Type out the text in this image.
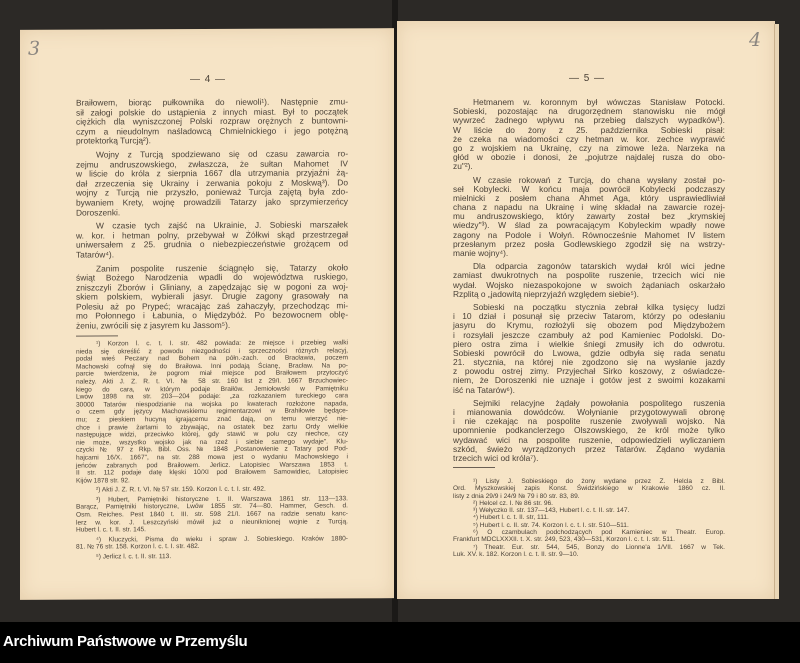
3
— 4 —
Braiłowem, biorąc pułkownika do niewoli¹). Następnie zmu-
sił załogi polskie do ustąpienia z innych miast. Był to początek
ciężkich dla wyniszczonej Polski rozpraw orężnych z buntowni-
czym a nieudolnym naśladowcą Chmielnickiego i jego potężną
protektorką Turcją²).
Wojny z Turcją spodziewano się od czasu zawarcia ro-
zejmu andruszowskiego, zwłaszcza, że sułtan Mahomet IV
w liście do króla z sierpnia 1667 dla utrzymania przyjaźni żą-
dał zrzeczenia się Ukrainy i zerwania pokoju z Moskwą³). Do
wojny z Turcją nie przyszło, ponieważ Turcja zajętą była zdo-
bywaniem Krety, wojnę prowadzili Tatarzy jako sprzymierzeńcy
Doroszenki.
W czasie tych zajść na Ukrainie, J. Sobieski marszałek
w. kor. i hetman polny, przebywał w Żółkwi skąd przestrzegał
uniwersałem z 25. grudnia o niebezpieczeństwie grożącem od
Tatarów⁴).
Zanim pospolite ruszenie ściągnęło się, Tatarzy około
świąt Bożego Narodzenia wpadli do województwa ruskiego,
zniszczyli Zborów i Gliniany, a zapędzając się w pogoni za woj-
skiem polskiem, wybierali jasyr. Drugie zagony grasowały na
Polesiu aż po Prypeć; wracając zaś zahaczyły, przechodząc mi-
mo Połonnego i Łabunia, o Międzybóż. Po bezowocnem oblę-
żeniu, zwrócili się z jasyrem ku Jassom⁵).
¹) Korzon l. c. t. I. str. 482 powiada: że miejsce i przebieg walki
nieda się określić z powodu niezgodności i sprzeczności różnych relacyj,
podał wieś Peczary nad Bohem na półn.-zach. od Bracławia, poczem
Machowski cofnął się do Braiłowa. Inni podają Ścianę, Bracław. Na po-
parcie twierdzenia, że pogrom miał miejsce pod Braiłowem przytoczyć
należy. Akti J. Z. R. t. VI. № 58 str. 160 list z 29/I. 1667 Brzuchowiec-
kiego do cara, w którym podaje Braiłów. Jemiołowski w Pamiętniku
Lwów 1898 na str. 203—204 podaje: „za rozkazaniem tureckiego cara
30000 Tatarów niespodzianie na wojska po kwaterach rozłożone napada,
o czem gdy języcy Machowskiemu regimentarzowi w Brahiłowie będące-
mu; z pieskiem hucyną igrającemu znać dają, on temu wierzyć nie-
chce i prawie żartami to zbywając, na ostatek bez żartu Ordy wielkie
następujące widzi, przeciwko której, gdy stawić w polu czy niechce, czy
nie może, wszystko wojsko jak na rzeź i siebie samego wydaje". Klu-
czycki № 97 z Rkp. Bibl. Oss. № 1848 „Postanowienie z Tatary pod Pod-
hajcami 16/X. 1667", na str. 288 mowa jest o wydaniu Machowskiego i
jeńców zabranych pod Braiłowem. Jerlicz. Latopisiec Warszawa 1853 t.
II str. 112 podaje datę klęski 10/XI pod Braiłowem Samowidiec, Latopisiec
Kijów 1878 str. 92.
²) Akti J. Z. R. t. VI. № 57 str. 159. Korzon l. c. t. I. str. 492.
³) Hubert, Pamiętniki historyczne t. II. Warszawa 1861 str. 113—133.
Barącz, Pamiętniki historyczne, Lwów 1855 str. 74—80. Hammer, Gesch. d.
Osm. Reiches. Pest 1840 t. III. str. 598 21/I. 1667 na radzie senatu kanc-
lerz w. kor. J. Leszczyński mówił już o nieuniknionej wojnie z Turcją.
Hubert l. c. t. II. str. 145.
⁴) Kluczycki, Pisma do wieku i spraw J. Sobieskiego. Kraków 1880-
81. № 76 str. 158. Korzon l. c. t. I. str. 482.
⁵) Jerlicz l. c. t. II. str. 113.
4
— 5 —
Hetmanem w. koronnym był wówczas Stanisław Potocki.
Sobieski, pozostając na drugorzędnem stanowisku nie mógł
wywrzeć żadnego wpływu na przebieg dalszych wypadków¹).
W liście do żony z 25. października Sobieski pisał:
że czeka na wiadomości czy hetman w. kor. zechce wyprawić
go z wojskiem na Ukrainę, czy na zimowe leża. Narzeka na
głód w obozie i donosi, że „pojutrze najdalej rusza do obo-
zu"²).
W czasie rokowań z Turcją, do chana wysłany został po-
seł Kobylecki. W końcu maja powrócił Kobylecki podczaszy
mielnicki z posłem chana Ahmet Aga, który usprawiedliwiał
chana z napadu na Ukrainę i winę składał na zawarcie rozej-
mu andruszowskiego, który zawarty został bez „krymskiej
wiedzy"³). W ślad za powracającym Kobyleckim wpadły nowe
zagony na Podole i Wołyń. Równocześnie Mahomet IV listem
przesłanym przez posła Godlewskiego zgodził się na wstrzy-
manie wojny⁴).
Dla odparcia zagonów tatarskich wydał król wici jedne
zamiast dwukrotnych na pospolite ruszenie, trzecich wici nie
wydał. Wojsko niezaspokojone w swoich żądaniach oskarżało
Rzplitą o „jadowitą nieprzyjaźń względem siebie⁵).
Sobieski na początku stycznia zebrał kilka tysięcy ludzi
i 10 dział i posunął się przeciw Tatarom, którzy po odesłaniu
jasyru do Krymu, rozłożyli się obozem pod Międzybożem
i rozsyłali jeszcze czambuły aż pod Kamieniec Podolski. Do-
piero ostra zima i wielkie śniegi zmusiły ich do odwrotu.
Sobieski powrócił do Lwowa, gdzie odbyła się rada senatu
21. stycznia, na której nie zgodzono się na wysłanie jazdy
z powodu ostrej zimy. Przyjechał Sirko koszowy, z oświadcze-
niem, że Doroszenki nie uznaje i gotów jest z swoimi kozakami
iść na Tatarów⁶).
Sejmiki relacyjne żądały powołania pospolitego ruszenia
i mianowania dowódców. Wołynianie przygotowywali obronę
i nie czekając na pospolite ruszenie zwoływali wojsko. Na
upomnienie podkanclerzego Olszowskiego, że król może tylko
wydawać wici na pospolite ruszenie, odpowiedzieli wyliczaniem
szkód, świeżo wyrządzonych przez Tatarów. Żądano wydania
trzecich wici od króla⁷).
¹) Listy J. Sobieskiego do żony wydane przez Z. Helcla z Bibl.
Ord. Myszkowskiej zapis Konst. Świdzińskiego w Krakowie 1860 cz. II.
listy z dnia 29/9 i 24/9 № 79 i 80 str. 83, 89.
²) Helcel cz. I. № 86 str. 96.
³) Wełyczko II. str. 137—143, Hubert l. c. t. II. str. 147.
⁴) Hubert l. c. t. II. str, 111.
⁵) Hubert l. c. II. str. 74. Korzon l. c. t. I. str. 510—511.
⁶) O czambulach podchodzących pod Kamieniec w Theatr. Europ.
Frankfurt MDCLXXXII. t. X. str. 249, 523, 430—531, Korzon l. c. t. I. str. 511.
⁷) Theatr. Eur. str. 544, 545, Bonzy do Lionne'a 1/VII. 1667 w Tek.
Luk. XV. k. 182. Korzon l. c. t. II. str. 9—10.
Archiwum Państwowe w Przemyślu
